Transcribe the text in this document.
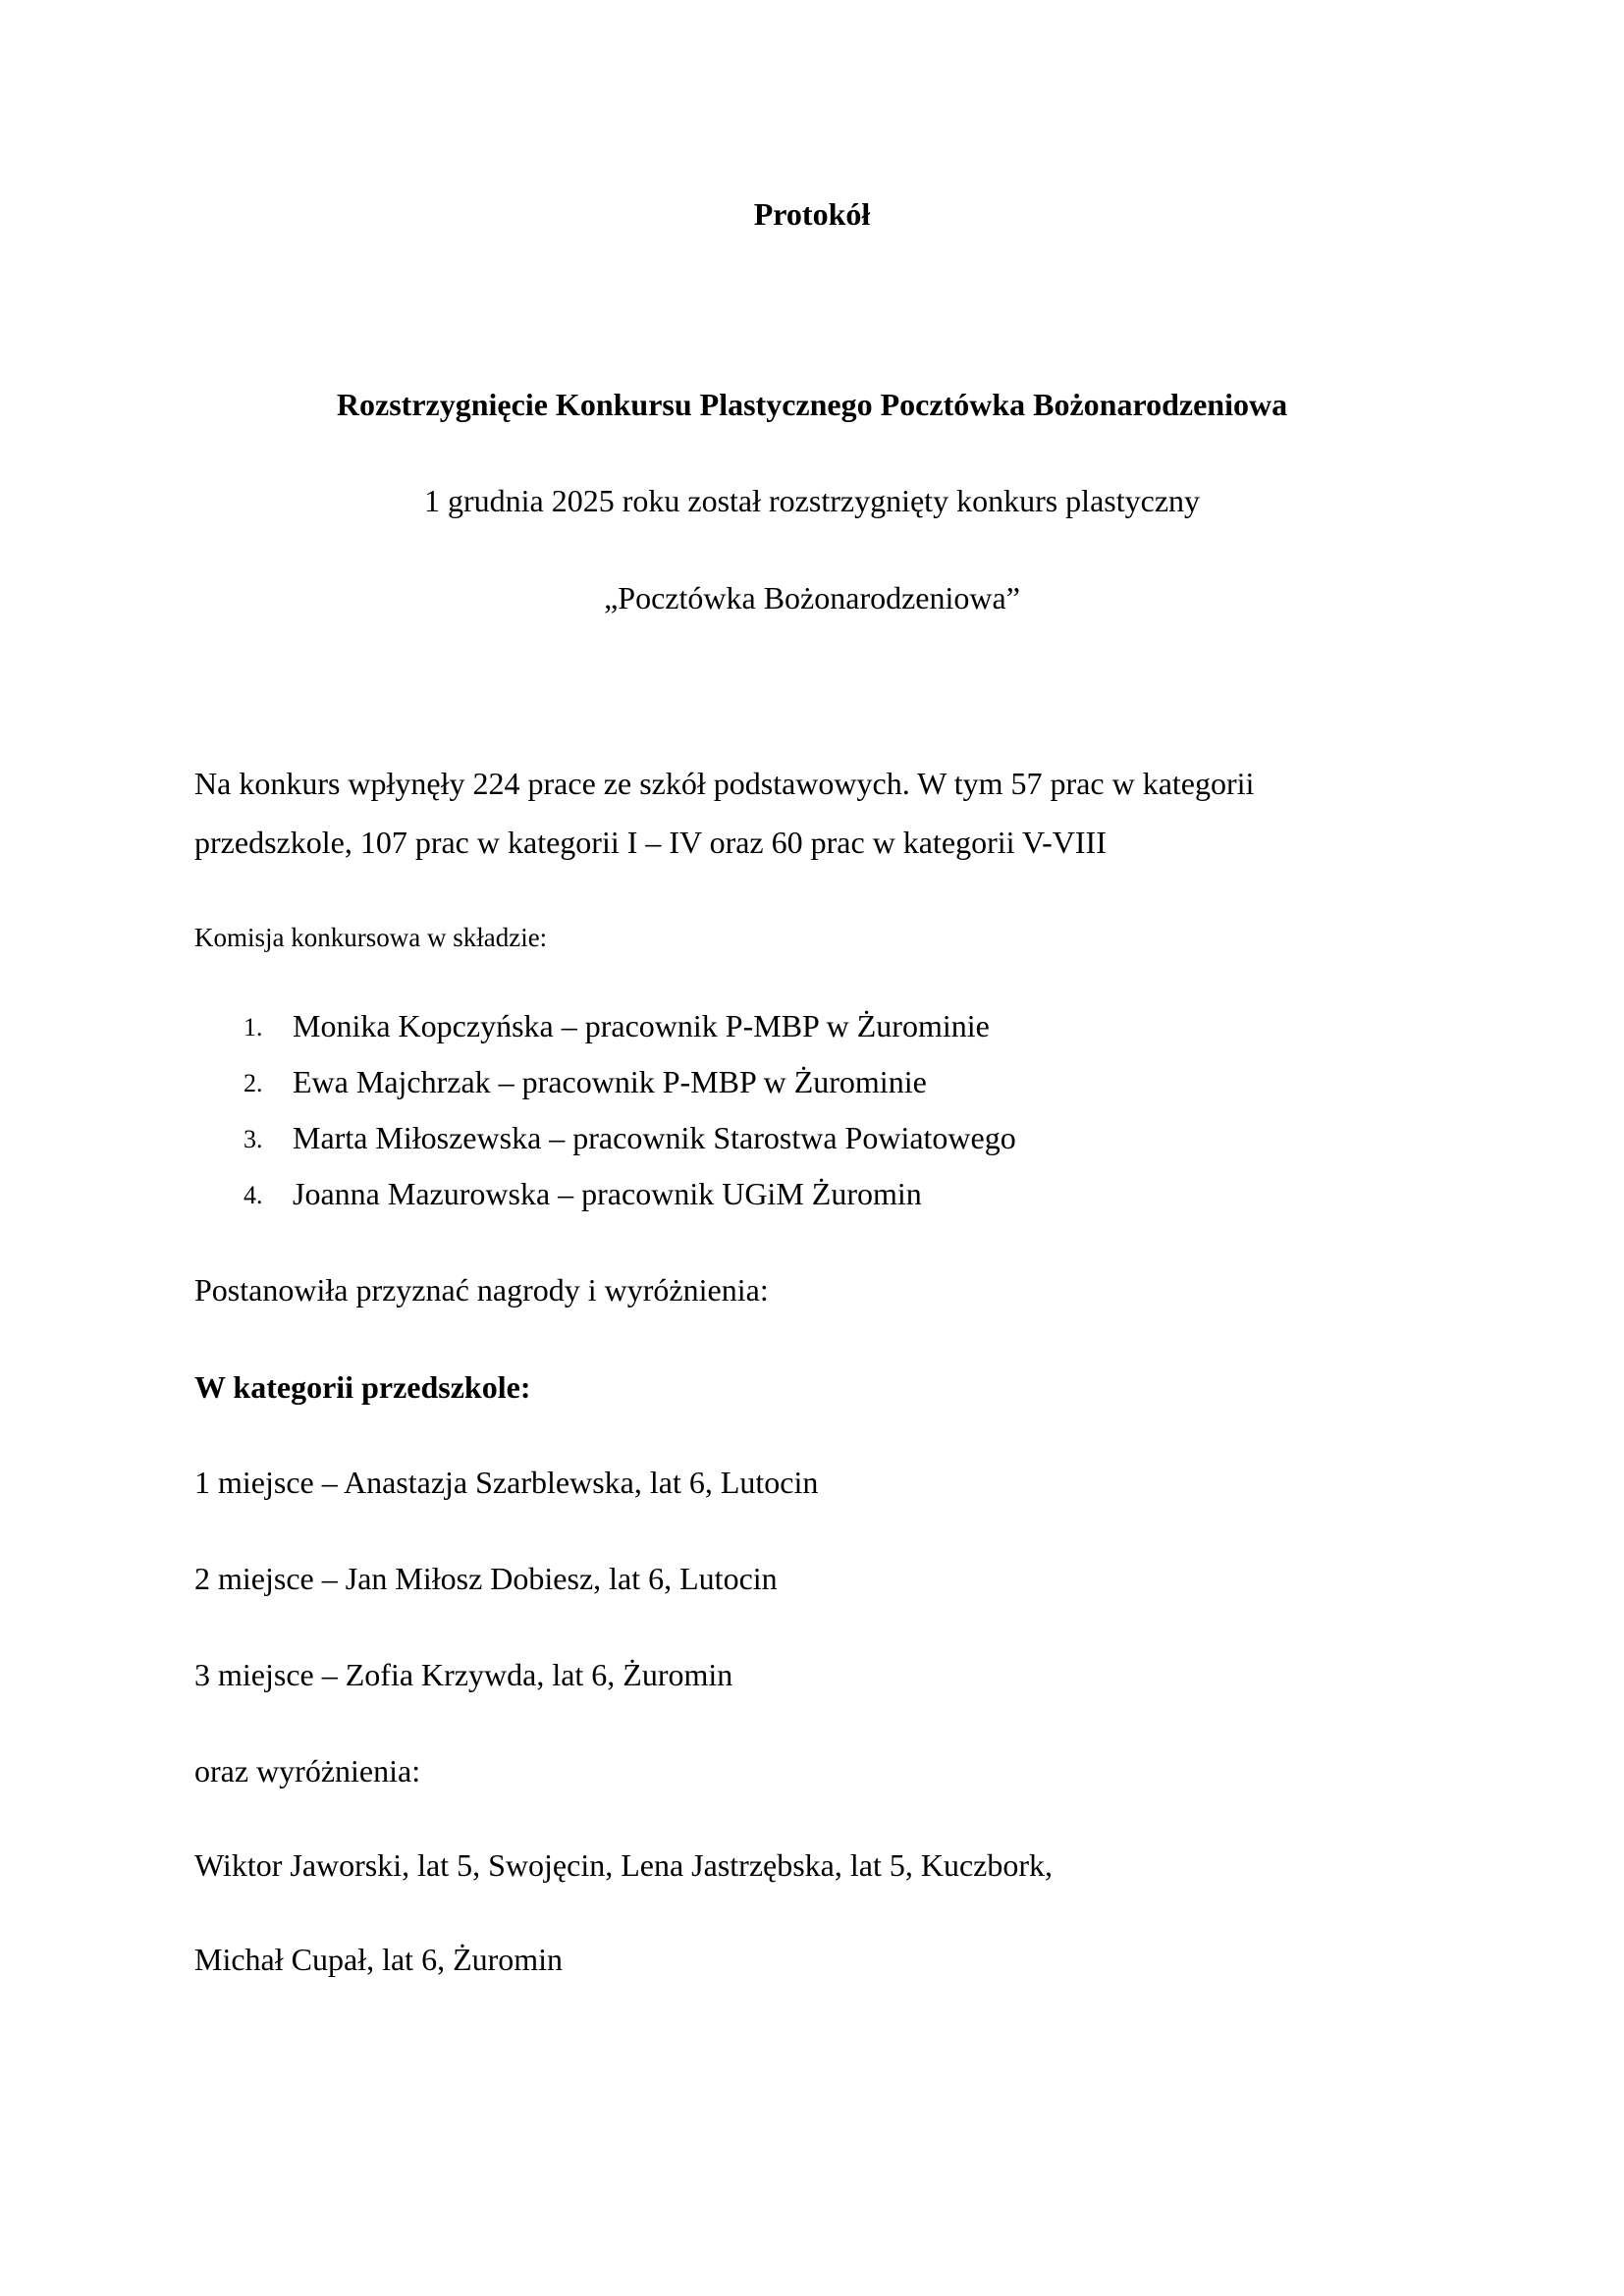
Protokół
Rozstrzygnięcie Konkursu Plastycznego Pocztówka Bożonarodzeniowa
1 grudnia 2025 roku został rozstrzygnięty konkurs plastyczny
„Pocztówka Bożonarodzeniowa”
Na konkurs wpłynęły 224 prace ze szkół podstawowych. W tym 57 prac w kategorii
przedszkole, 107 prac w kategorii I – IV oraz 60 prac w kategorii V-VIII
Komisja konkursowa w składzie:
1. Monika Kopczyńska – pracownik P-MBP w Żurominie
2. Ewa Majchrzak – pracownik P-MBP w Żurominie
3. Marta Miłoszewska – pracownik Starostwa Powiatowego
4. Joanna Mazurowska – pracownik UGiM Żuromin
Postanowiła przyznać nagrody i wyróżnienia:
W kategorii przedszkole:
1 miejsce – Anastazja Szarblewska, lat 6, Lutocin
2 miejsce – Jan Miłosz Dobiesz, lat 6, Lutocin
3 miejsce – Zofia Krzywda, lat 6, Żuromin
oraz wyróżnienia:
Wiktor Jaworski, lat 5, Swojęcin, Lena Jastrzębska, lat 5, Kuczbork,
Michał Cupał, lat 6, Żuromin
